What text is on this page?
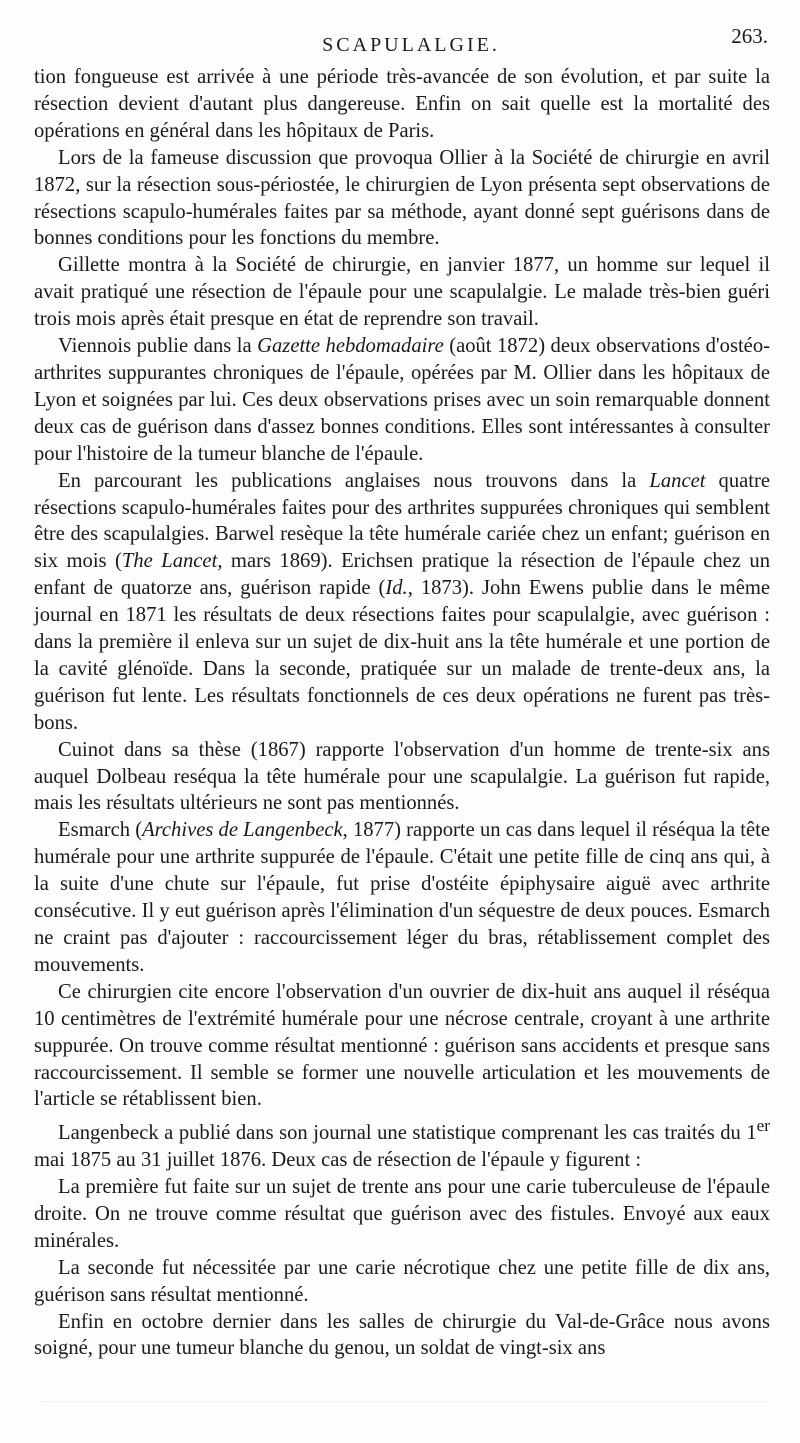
SCAPULALGIE.	263.

tion fongueuse est arrivée à une période très-avancée de son évolution, et par suite la résection devient d'autant plus dangereuse. Enfin on sait quelle est la mortalité des opérations en général dans les hôpitaux de Paris.

Lors de la fameuse discussion que provoqua Ollier à la Société de chirurgie en avril 1872, sur la résection sous-périostée, le chirurgien de Lyon présenta sept observations de résections scapulo-humérales faites par sa méthode, ayant donné sept guérisons dans de bonnes conditions pour les fonctions du membre.

Gillette montra à la Société de chirurgie, en janvier 1877, un homme sur lequel il avait pratiqué une résection de l'épaule pour une scapulalgie. Le malade très-bien guéri trois mois après était presque en état de reprendre son travail.

Viennois publie dans la Gazette hebdomadaire (août 1872) deux observations d'ostéo-arthrites suppurantes chroniques de l'épaule, opérées par M. Ollier dans les hôpitaux de Lyon et soignées par lui. Ces deux observations prises avec un soin remarquable donnent deux cas de guérison dans d'assez bonnes conditions. Elles sont intéressantes à consulter pour l'histoire de la tumeur blanche de l'épaule.

En parcourant les publications anglaises nous trouvons dans la Lancet quatre résections scapulo-humérales faites pour des arthrites suppurées chroniques qui semblent être des scapulalgies. Barwel resèque la tête humérale cariée chez un enfant; guérison en six mois (The Lancet, mars 1869). Erichsen pratique la résection de l'épaule chez un enfant de quatorze ans, guérison rapide (Id., 1873). John Ewens publie dans le même journal en 1871 les résultats de deux résections faites pour scapulalgie, avec guérison : dans la première il enleva sur un sujet de dix-huit ans la tête humérale et une portion de la cavité glénoïde. Dans la seconde, pratiquée sur un malade de trente-deux ans, la guérison fut lente. Les résultats fonctionnels de ces deux opérations ne furent pas très-bons.

Cuinot dans sa thèse (1867) rapporte l'observation d'un homme de trente-six ans auquel Dolbeau reséqua la tête humérale pour une scapulalgie. La guérison fut rapide, mais les résultats ultérieurs ne sont pas mentionnés.

Esmarch (Archives de Langenbeck, 1877) rapporte un cas dans lequel il réséqua la tête humérale pour une arthrite suppurée de l'épaule. C'était une petite fille de cinq ans qui, à la suite d'une chute sur l'épaule, fut prise d'ostéite épiphysaire aiguë avec arthrite consécutive. Il y eut guérison après l'élimination d'un séquestre de deux pouces. Esmarch ne craint pas d'ajouter : raccourcissement léger du bras, rétablissement complet des mouvements.

Ce chirurgien cite encore l'observation d'un ouvrier de dix-huit ans auquel il réséqua 10 centimètres de l'extrémité humérale pour une nécrose centrale, croyant à une arthrite suppurée. On trouve comme résultat mentionné : guérison sans accidents et presque sans raccourcissement. Il semble se former une nouvelle articulation et les mouvements de l'article se rétablissent bien.

Langenbeck a publié dans son journal une statistique comprenant les cas traités du 1er mai 1875 au 31 juillet 1876. Deux cas de résection de l'épaule y figurent :

La première fut faite sur un sujet de trente ans pour une carie tuberculeuse de l'épaule droite. On ne trouve comme résultat que guérison avec des fistules. Envoyé aux eaux minérales.

La seconde fut nécessitée par une carie nécrotique chez une petite fille de dix ans, guérison sans résultat mentionné.

Enfin en octobre dernier dans les salles de chirurgie du Val-de-Grâce nous avons soigné, pour une tumeur blanche du genou, un soldat de vingt-six ans
